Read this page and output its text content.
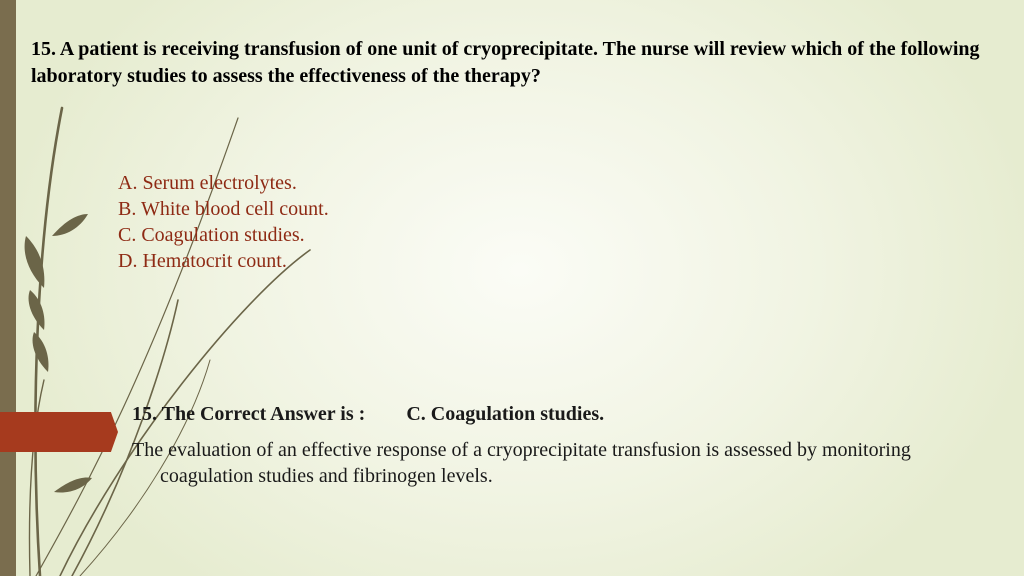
15. A patient is receiving transfusion of one unit of cryoprecipitate. The nurse will review which of the following laboratory studies to assess the effectiveness of the therapy?
A. Serum electrolytes.
B. White blood cell count.
C. Coagulation studies.
D. Hematocrit count.
15. The Correct Answer is : C. Coagulation studies.
The evaluation of an effective response of a cryoprecipitate transfusion is assessed by monitoring coagulation studies and fibrinogen levels.
